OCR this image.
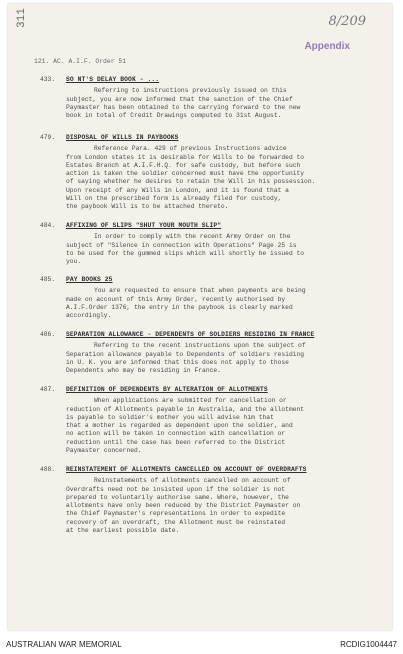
311	8/209
Appendix
121. AC. A.I.F. Order 51
433.	SO NT'S DELAY BOOK - ...
Referring to instructions previously issued on this
subject, you are now informed that the sanction of the Chief
Paymaster has been obtained to the carrying forward to the new
book in total of Credit Drawings computed to 31st August.
479.	DISPOSAL OF WILLS IN PAYBOOKS
Reference Para. 429 of previous Instructions advice
from London states it is desirable for Wills to be forwarded to
Estates Branch at A.I.F.H.Q. for safe custody, but before such
action is taken the soldier concerned must have the opportunity
of saying whether he desires to retain the Will in his possession.
Upon receipt of any Wills in London, and it is found that a
Will on the prescribed form is already filed for custody,
the paybook Will is to be attached thereto.
484.	AFFIXING OF SLIPS "SHUT YOUR MOUTH SLIP"
In order to comply with the recent Army Order on the
subject of "Silence in connection with Operations" Page 25 is
to be used for the gummed slips which will shortly be issued to
you.
485.	PAY BOOKS 25
You are requested to ensure that when payments are being
made on account of this Army Order, recently authorised by
A.I.F.Order 1376, the entry in the paybook is clearly marked
accordingly.
486.	SEPARATION ALLOWANCE - DEPENDENTS OF SOLDIERS RESIDING IN FRANCE
Referring to the recent instructions upon the subject of
Separation allowance payable to Dependents of soldiers residing
in U. K. you are informed that this does not apply to those
Dependents who may be residing in France.
487.	DEFINITION OF DEPENDENTS BY ALTERATION OF ALLOTMENTS
When applications are submitted for cancellation or
reduction of Allotments payable in Australia, and the allotment
is payable to soldier's mother you will advise him that
that a mother is regarded as dependent upon the soldier, and
no action will be taken in connection with cancellation or
reduction until the case has been referred to the District
Paymaster concerned.
488.	REINSTATEMENT OF ALLOTMENTS CANCELLED ON ACCOUNT OF OVERDRAFTS
Reinstatements of allotments cancelled on account of
Overdrafts need not be insisted upon if the soldier is not
prepared to voluntarily authorise same. Where, however, the
allotments have only been reduced by the District Paymaster on
the Chief Paymaster's representations in order to expedite
recovery of an overdraft, the Allotment must be reinstated
at the earliest possible date.
AUSTRALIAN WAR MEMORIAL	RCDIG1004447
